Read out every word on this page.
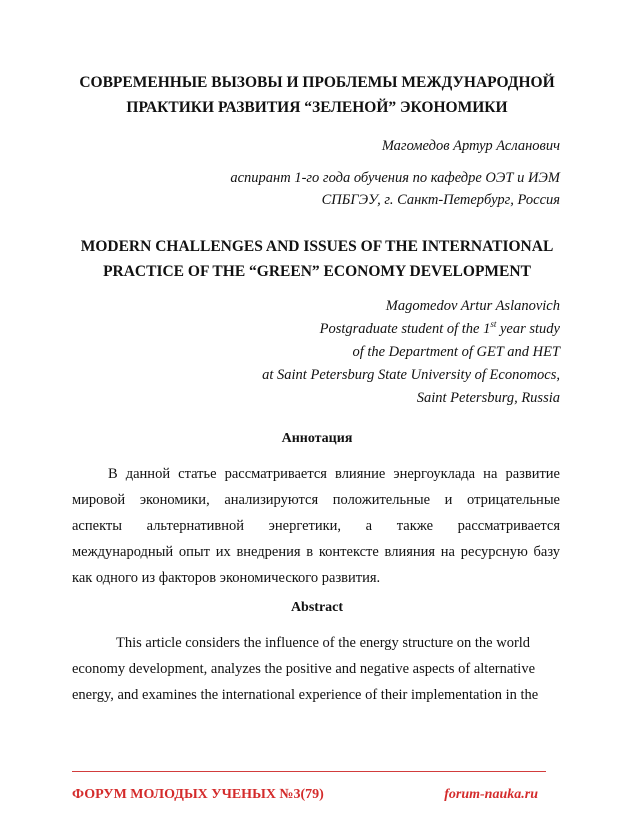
СОВРЕМЕННЫЕ ВЫЗОВЫ И ПРОБЛЕМЫ МЕЖДУНАРОДНОЙ
ПРАКТИКИ РАЗВИТИЯ “ЗЕЛЕНОЙ” ЭКОНОМИКИ
Магомедов Артур Асланович
аспирант 1-го года обучения по кафедре ОЭТ и ИЭМ
СПБГЭУ, г. Санкт-Петербург, Россия
MODERN CHALLENGES AND ISSUES OF THE INTERNATIONAL
PRACTICE OF THE “GREEN” ECONOMY DEVELOPMENT
Magomedov Artur Aslanovich
Postgraduate student of the 1st year study
of the Department of GET and HET
at Saint Petersburg State University of Economocs,
Saint Petersburg, Russia
Аннотация
В данной статье рассматривается влияние энергоуклада на развитие
мировой экономики, анализируются положительные и отрицательные
аспекты альтернативной энергетики, а также рассматривается
международный опыт их внедрения в контексте влияния на ресурсную базу
как одного из факторов экономического развития.
Abstract
This article considers the influence of the energy structure on the world
economy development, analyzes the positive and negative aspects of alternative
energy, and examines the international experience of their implementation in the
ФОРУМ МОЛОДЫХ УЧЕНЫХ №3(79)	forum-nauka.ru
